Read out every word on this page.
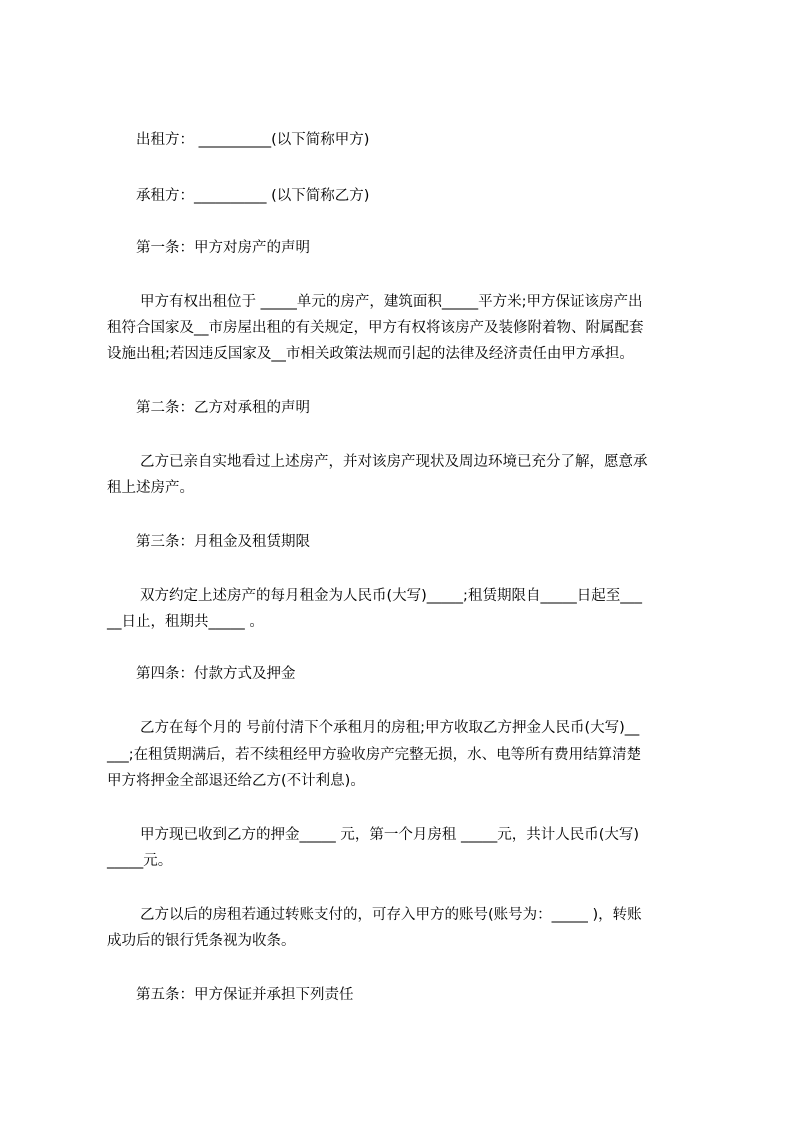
出租方： __________(以下简称甲方)
承租方：__________ (以下简称乙方)
第一条：甲方对房产的声明
甲方有权出租位于 _____单元的房产，建筑面积_____平方米;甲方保证该房产出
租符合国家及__市房屋出租的有关规定，甲方有权将该房产及装修附着物、附属配套
设施出租;若因违反国家及__市相关政策法规而引起的法律及经济责任由甲方承担。
第二条：乙方对承租的声明
乙方已亲自实地看过上述房产，并对该房产现状及周边环境已充分了解，愿意承
租上述房产。
第三条：月租金及租赁期限
双方约定上述房产的每月租金为人民币(大写)_____;租赁期限自_____日起至___
__日止，租期共_____ 。
第四条：付款方式及押金
乙方在每个月的 号前付清下个承租月的房租;甲方收取乙方押金人民币(大写)__
___;在租赁期满后，若不续租经甲方验收房产完整无损，水、电等所有费用结算清楚
甲方将押金全部退还给乙方(不计利息)。
甲方现已收到乙方的押金_____ 元，第一个月房租 _____元，共计人民币(大写)
_____元。
乙方以后的房租若通过转账支付的，可存入甲方的账号(账号为：_____ )，转账
成功后的银行凭条视为收条。
第五条：甲方保证并承担下列责任
